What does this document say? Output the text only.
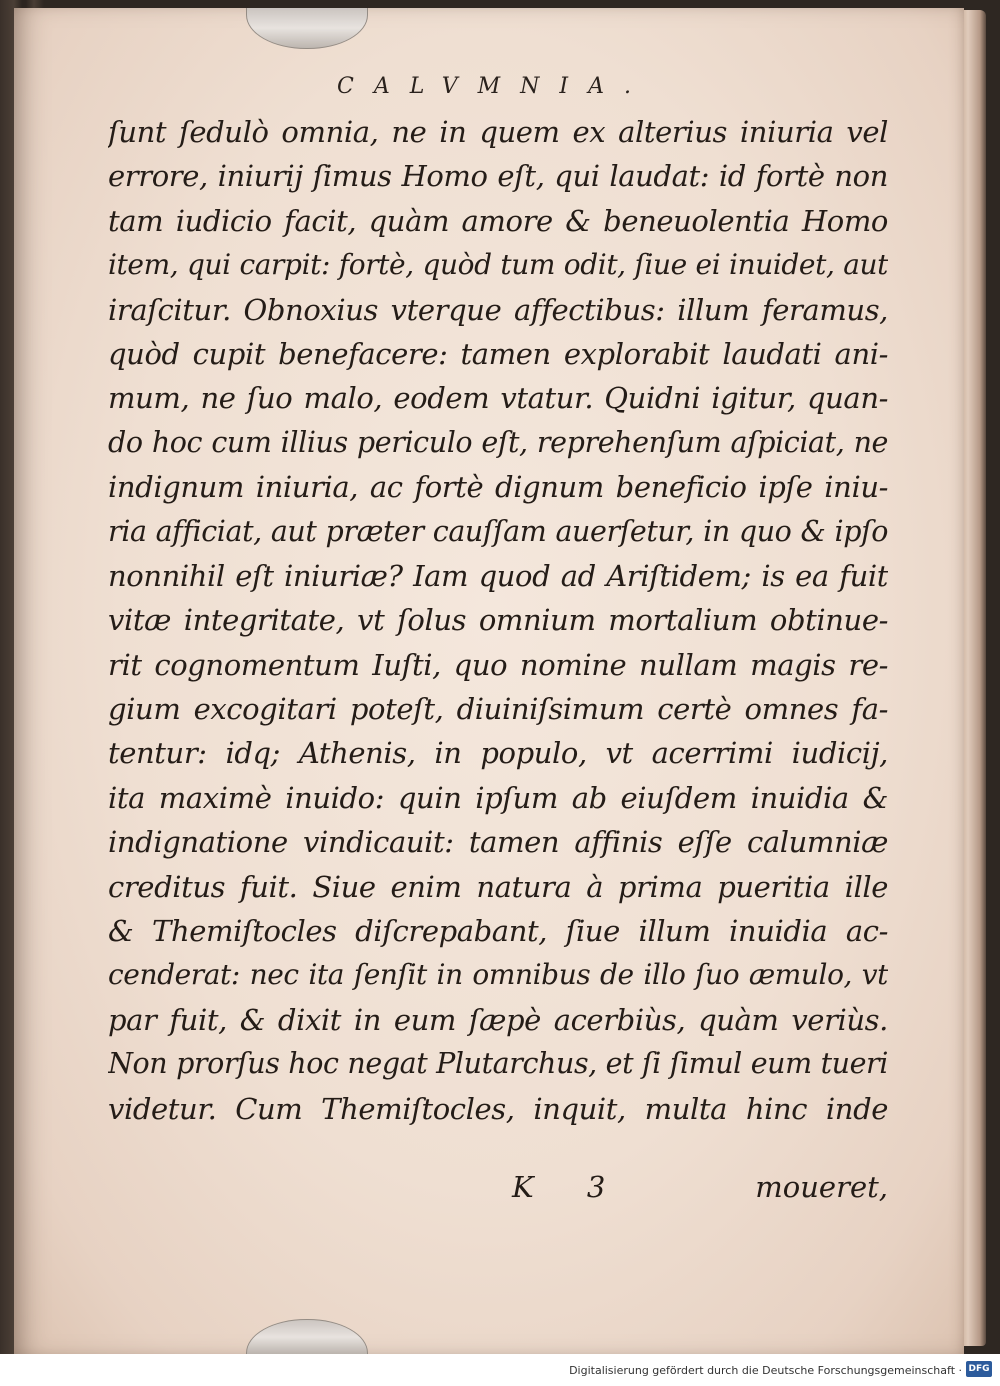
CALVMNIA.
ſunt ſedulò omnia, ne in quem ex alterius iniuria vel
errore, iniurij ſimus Homo eſt, qui laudat: id fortè non
tam iudicio facit, quàm amore & beneuolentia Homo
item, qui carpit: fortè, quòd tum odit, ſiue ei inuidet, aut
iraſcitur. Obnoxius vterque affectibus: illum feramus,
quòd cupit benefacere: tamen explorabit laudati ani-
mum, ne ſuo malo, eodem vtatur. Quidni igitur, quan-
do hoc cum illius periculo eſt, reprehenſum aſpiciat, ne
indignum iniuria, ac fortè dignum beneficio ipſe iniu-
ria afficiat, aut præter cauſſam auerſetur, in quo & ipſo
nonnihil eſt iniuriæ? Iam quod ad Ariſtidem; is ea fuit
vitæ integritate, vt ſolus omnium mortalium obtinue-
rit cognomentum Iuſti, quo nomine nullam magis re-
gium excogitari poteſt, diuiniſsimum certè omnes fa-
tentur: idq; Athenis, in populo, vt acerrimi iudicij,
ita maximè inuido: quin ipſum ab eiuſdem inuidia &
indignatione vindicauit: tamen affinis eſſe calumniæ
creditus fuit. Siue enim natura à prima pueritia ille
& Themiſtocles diſcrepabant, ſiue illum inuidia ac-
cenderat: nec ita ſenſit in omnibus de illo ſuo æmulo, vt
par fuit, & dixit in eum ſæpè acerbiùs, quàm veriùs.
Non prorſus hoc negat Plutarchus, et ſi ſimul eum tueri
videtur. Cum Themiſtocles, inquit, multa hinc inde
K 3	moueret,
Digitalisierung gefördert durch die Deutsche Forschungsgemeinschaft · DFG
